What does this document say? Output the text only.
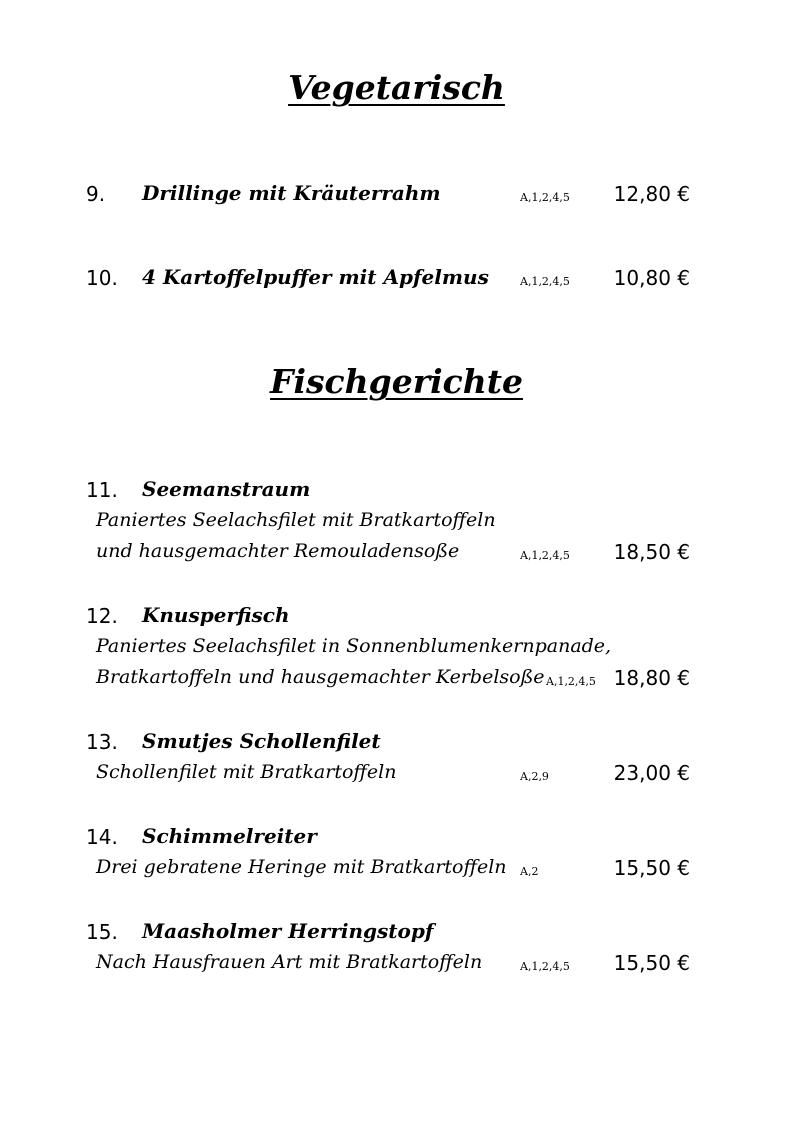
Vegetarisch
9. Drillinge mit Kräuterrahm	A,1,2,4,5 12,80 €
10. 4 Kartoffelpuffer mit Apfelmus	A,1,2,4,5 10,80 €
Fischgerichte
11. Seemanstraum
Paniertes Seelachsfilet mit Bratkartoffeln
und hausgemachter Remouladensoße	A,1,2,4,5 18,50 €
12. Knusperfisch
Paniertes Seelachsfilet in Sonnenblumenkernpanade,
Bratkartoffeln und hausgemachter Kerbelsoße A,1,2,4,5 18,80 €
13. Smutjes Schollenfilet
Schollenfilet mit Bratkartoffeln	A,2,9	23,00 €
14. Schimmelreiter
Drei gebratene Heringe mit Bratkartoffeln A,2	15,50 €
15. Maasholmer Herringstopf
Nach Hausfrauen Art mit Bratkartoffeln	A,1,2,4,5 15,50 €
